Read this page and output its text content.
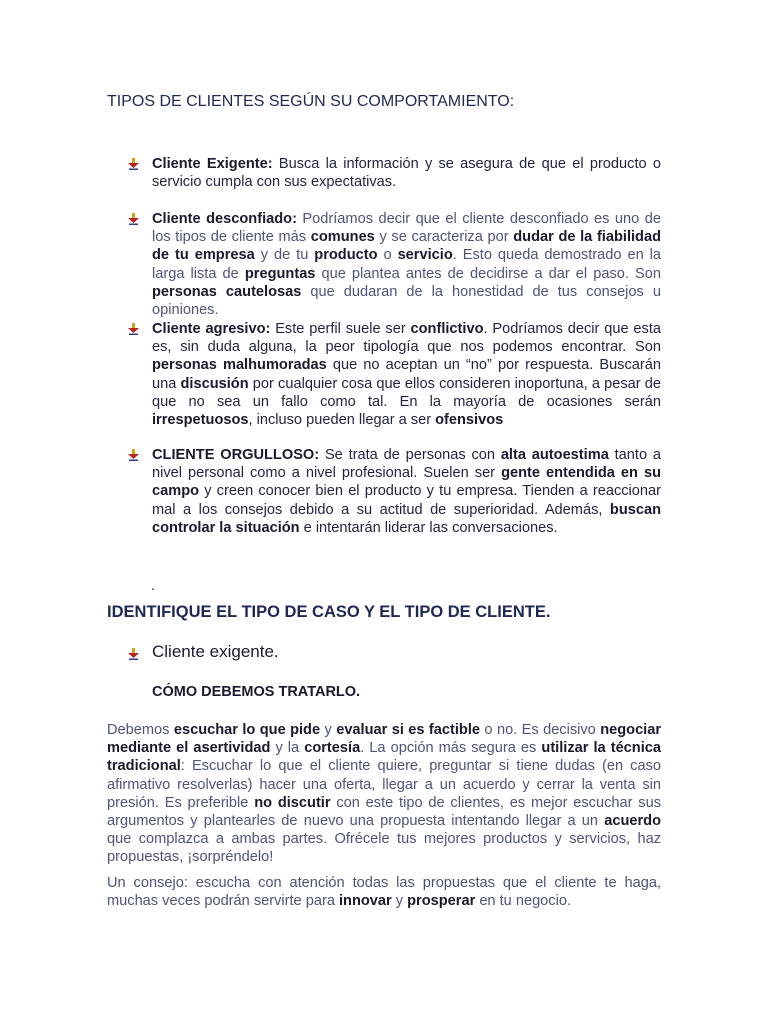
TIPOS DE CLIENTES SEGÚN SU COMPORTAMIENTO:
Cliente Exigente: Busca la información y se asegura de que el producto o servicio cumpla con sus expectativas.
Cliente desconfiado: Podríamos decir que el cliente desconfiado es uno de los tipos de cliente más comunes y se caracteriza por dudar de la fiabilidad de tu empresa y de tu producto o servicio. Esto queda demostrado en la larga lista de preguntas que plantea antes de decidirse a dar el paso. Son personas cautelosas que dudaran de la honestidad de tus consejos u opiniones.
Cliente agresivo: Este perfil suele ser conflictivo. Podríamos decir que esta es, sin duda alguna, la peor tipología que nos podemos encontrar. Son personas malhumoradas que no aceptan un “no” por respuesta. Buscarán una discusión por cualquier cosa que ellos consideren inoportuna, a pesar de que no sea un fallo como tal. En la mayoría de ocasiones serán irrespetuosos, incluso pueden llegar a ser ofensivos
CLIENTE ORGULLOSO: Se trata de personas con alta autoestima tanto a nivel personal como a nivel profesional. Suelen ser gente entendida en su campo y creen conocer bien el producto y tu empresa. Tienden a reaccionar mal a los consejos debido a su actitud de superioridad. Además, buscan controlar la situación e intentarán liderar las conversaciones.
.
IDENTIFIQUE EL TIPO DE CASO Y EL TIPO DE CLIENTE.
Cliente exigente.
CÓMO DEBEMOS TRATARLO.
Debemos escuchar lo que pide y evaluar si es factible o no. Es decisivo negociar mediante el asertividad y la cortesía. La opción más segura es utilizar la técnica tradicional: Escuchar lo que el cliente quiere, preguntar si tiene dudas (en caso afirmativo resolverlas) hacer una oferta, llegar a un acuerdo y cerrar la venta sin presión. Es preferible no discutir con este tipo de clientes, es mejor escuchar sus argumentos y plantearles de nuevo una propuesta intentando llegar a un acuerdo que complazca a ambas partes. Ofrécele tus mejores productos y servicios, haz propuestas, ¡sorpréndelo!
Un consejo: escucha con atención todas las propuestas que el cliente te haga, muchas veces podrán servirte para innovar y prosperar en tu negocio.
